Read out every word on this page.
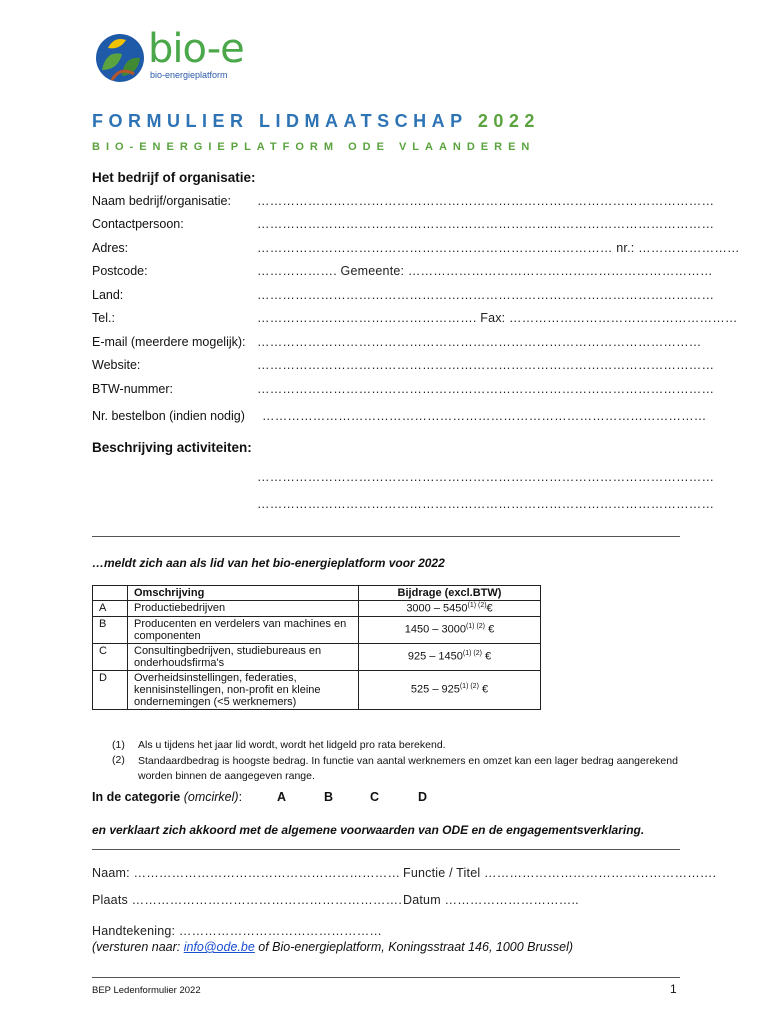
bio-e
bio-energieplatform
FORMULIER LIDMAATSCHAP 2022
BIO-ENERGIEPLATFORM ODE VLAANDEREN
Het bedrijf of organisatie:
Naam bedrijf/organisatie: ………………………………………………………………………………………………
Contactpersoon:	………………………………………………………………………………………………
Adres:	………………………………………………………………………… nr.: ……………………
Postcode:	………………. Gemeente: ………………………………………………………………
Land:	………………………………………………………………………………………………
Tel.:	……………………………………………. Fax: ………………………………………………
E-mail (meerdere mogelijk): ……………………………………………………………………………………………
Website:	………………………………………………………………………………………………
BTW-nummer:	………………………………………………………………………………………………
Nr. bestelbon (indien nodig) ……………………………………………………………………………………………
Beschrijving activiteiten:
………………………………………………………………………………………………
………………………………………………………………………………………………
…meldt zich aan als lid van het bio-energieplatform voor 2022
	Omschrijving	Bijdrage (excl.BTW)
A	Productiebedrijven	$3000 - 5450^{(1) (2)}€$
B	Producenten en verdelers van machines en componenten	$1450 - 3000^{(1) (2)}$ €
C	Consultingbedrijven, studiebureaus en onderhoudsfirma's	$925 - 1450^{(1) (2)}$ €
D	Overheidsinstellingen, federaties, kennisinstellingen, non-profit en kleine ondernemingen (<5 werknemers)	$525 - 925^{(1) (2)}$ €
(1) Als u tijdens het jaar lid wordt, wordt het lidgeld pro rata berekend.
(2)	Standaardbedrag is hoogste bedrag. In functie van aantal werknemers en omzet kan een lager bedrag aangerekend worden binnen de aangegeven range.
In de categorie (omcirkel):	A	B	C	D
en verklaart zich akkoord met de algemene voorwaarden van ODE en de engagementsverklaring.
Naam: ……………………………………………………… Functie / Titel ……………………………………………….
Plaats ………………………………………………………. Datum …………………………..
Handtekening: …………………………………………
(versturen naar: info@ode.be of Bio-energieplatform, Koningsstraat 146, 1000 Brussel)
BEP Ledenformulier 2022	1
